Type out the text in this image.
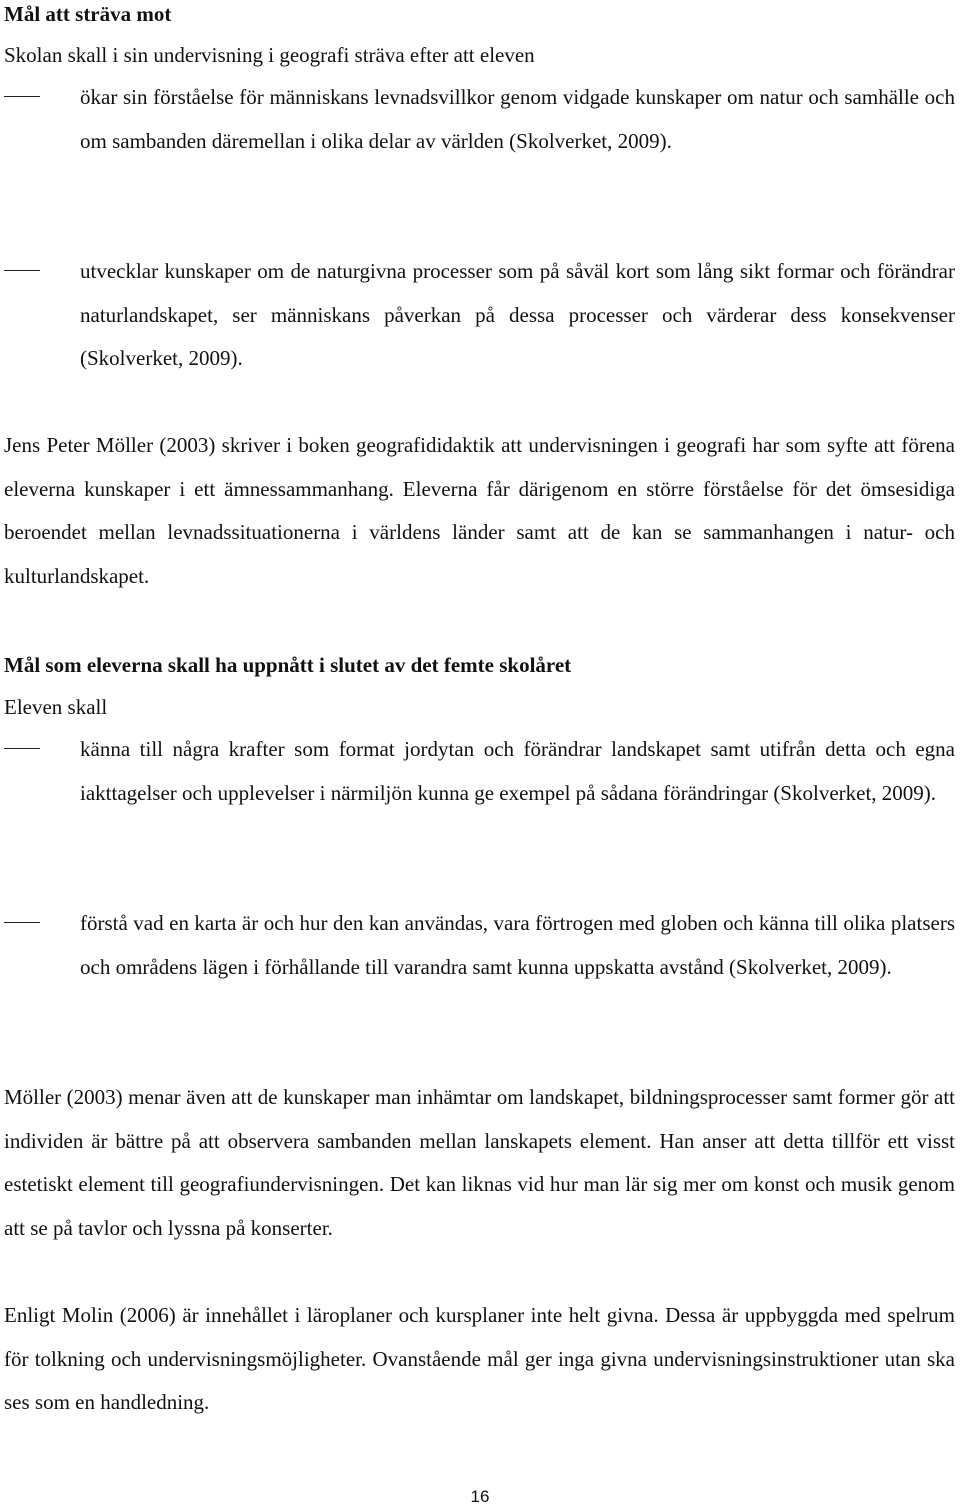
Mål att sträva mot
Skolan skall i sin undervisning i geografi sträva efter att eleven
ökar sin förståelse för människans levnadsvillkor genom vidgade kunskaper om natur och samhälle och om sambanden däremellan i olika delar av världen (Skolverket, 2009).
utvecklar kunskaper om de naturgivna processer som på såväl kort som lång sikt formar och förändrar naturlandskapet, ser människans påverkan på dessa processer och värderar dess konsekvenser (Skolverket, 2009).
Jens Peter Möller (2003) skriver i boken geografididaktik att undervisningen i geografi har som syfte att förena eleverna kunskaper i ett ämnessammanhang. Eleverna får därigenom en större förståelse för det ömsesidiga beroendet mellan levnadssituationerna i världens länder samt att de kan se sammanhangen i natur- och kulturlandskapet.
Mål som eleverna skall ha uppnått i slutet av det femte skolåret
Eleven skall
känna till några krafter som format jordytan och förändrar landskapet samt utifrån detta och egna iakttagelser och upplevelser i närmiljön kunna ge exempel på sådana förändringar (Skolverket, 2009).
förstå vad en karta är och hur den kan användas, vara förtrogen med globen och känna till olika platsers och områdens lägen i förhållande till varandra samt kunna uppskatta avstånd (Skolverket, 2009).
Möller (2003) menar även att de kunskaper man inhämtar om landskapet, bildningsprocesser samt former gör att individen är bättre på att observera sambanden mellan lanskapets element. Han anser att detta tillför ett visst estetiskt element till geografiundervisningen. Det kan liknas vid hur man lär sig mer om konst och musik genom att se på tavlor och lyssna på konserter.
Enligt Molin (2006) är innehållet i läroplaner och kursplaner inte helt givna. Dessa är uppbyggda med spelrum för tolkning och undervisningsmöjligheter. Ovanstående mål ger inga givna undervisningsinstruktioner utan ska ses som en handledning.
16
